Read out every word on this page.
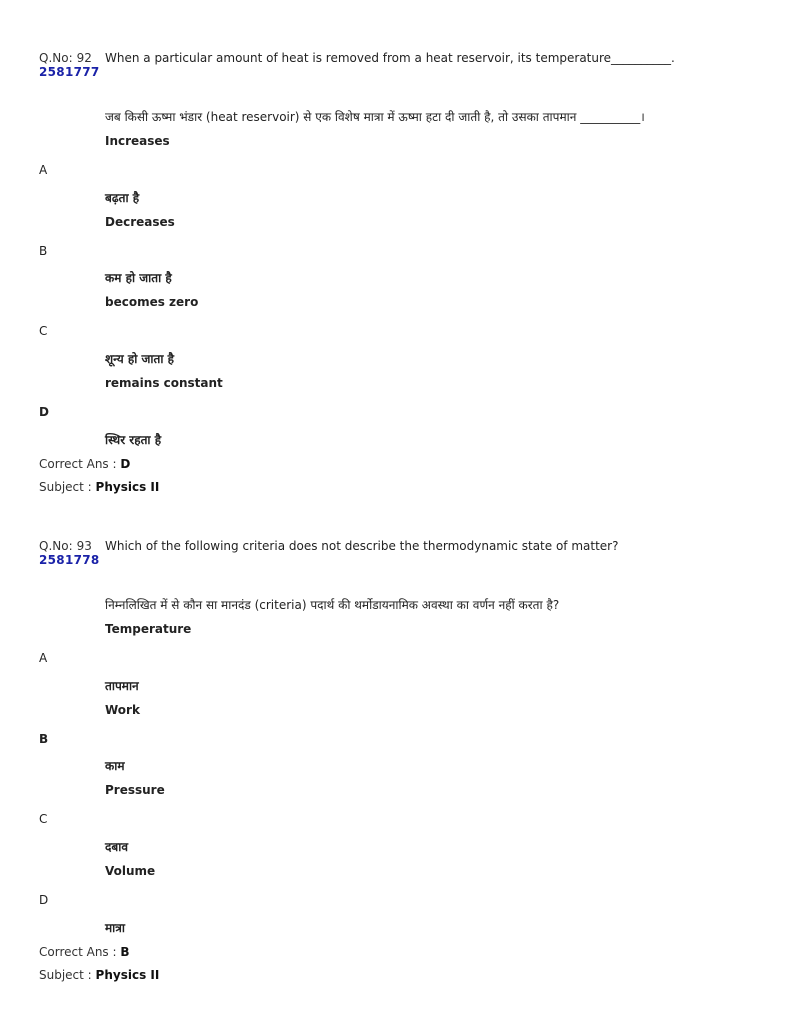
Q.No: 92
2581777
When a particular amount of heat is removed from a heat reservoir, its temperature__________.
जब किसी ऊष्मा भंडार (heat reservoir) से एक विशेष मात्रा में ऊष्मा हटा दी जाती है, तो उसका तापमान __________।
Increases
A
बढ़ता है
Decreases
B
कम हो जाता है
becomes zero
C
शून्य हो जाता है
remains constant
D
स्थिर रहता है
Correct Ans : D
Subject : Physics II
Q.No: 93
2581778
Which of the following criteria does not describe the thermodynamic state of matter?
निम्नलिखित में से कौन सा मानदंड (criteria) पदार्थ की थर्मोडायनामिक अवस्था का वर्णन नहीं करता है?
Temperature
A
तापमान
Work
B
काम
Pressure
C
दबाव
Volume
D
मात्रा
Correct Ans : B
Subject : Physics II
